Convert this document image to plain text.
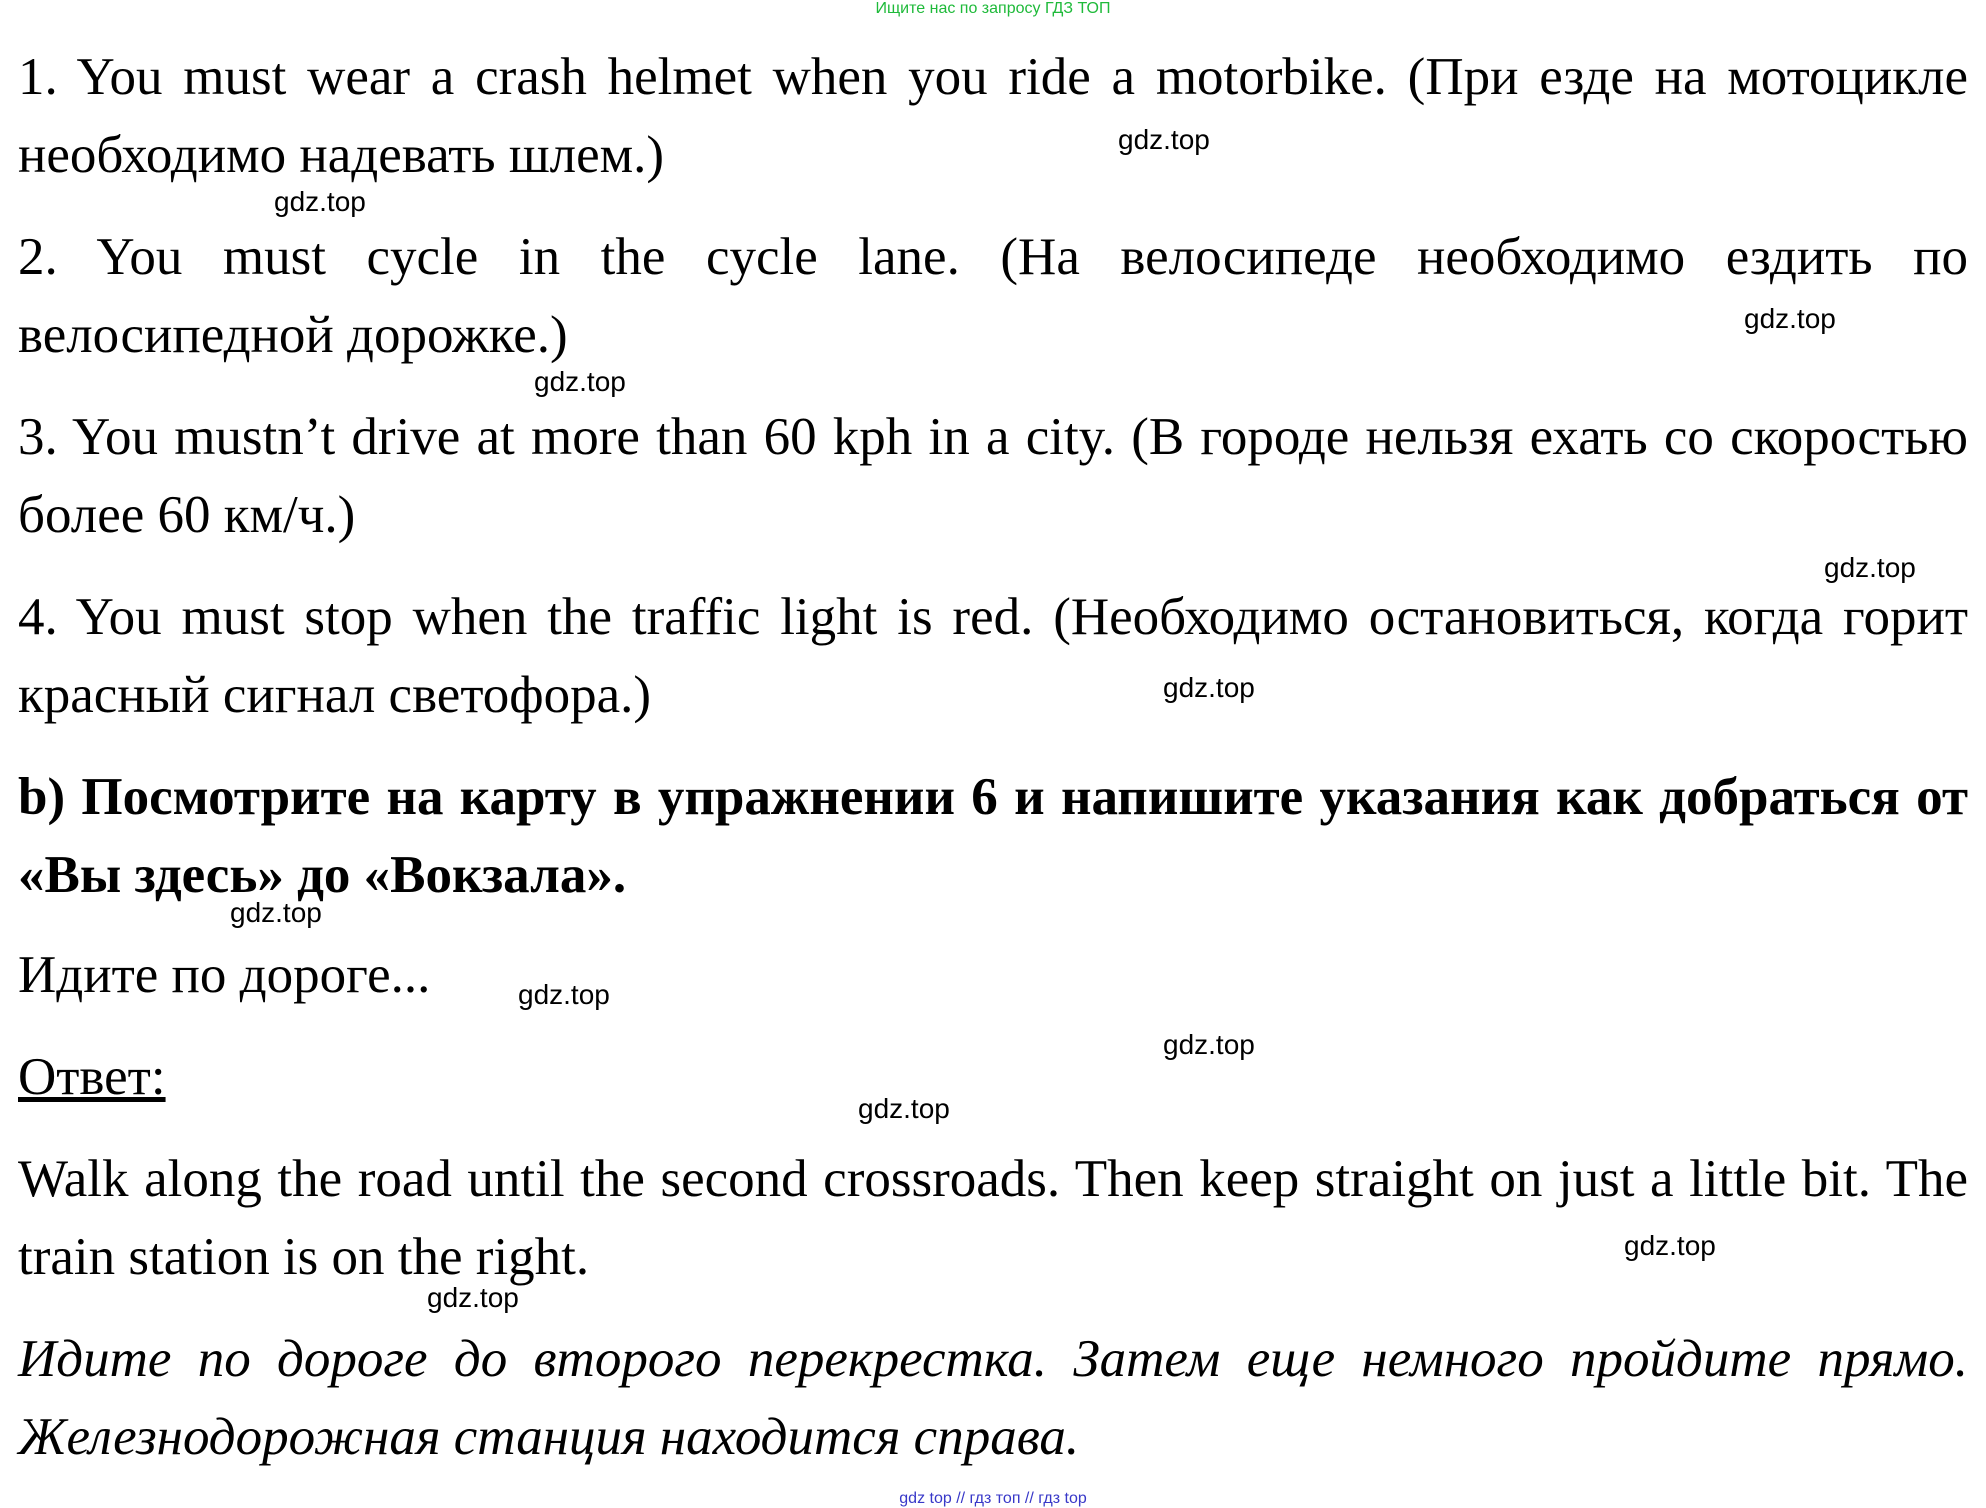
Ищите нас по запросу ГДЗ ТОП
1. You must wear a crash helmet when you ride a motorbike. (При езде на мотоцикле необходимо надевать шлем.)
2. You must cycle in the cycle lane. (На велосипеде необходимо ездить по велосипедной дорожке.)
3. You mustn’t drive at more than 60 kph in a city. (В городе нельзя ехать со скоростью более 60 км/ч.)
4. You must stop when the traffic light is red. (Необходимо остановиться, когда горит красный сигнал светофора.)
b) Посмотрите на карту в упражнении 6 и напишите указания как добраться от «Вы здесь» до «Вокзала».
Идите по дороге...
Ответ:
Walk along the road until the second crossroads. Then keep straight on just a little bit. The train station is on the right.
Идите по дороге до второго перекрестка. Затем еще немного пройдите прямо. Железнодорожная станция находится справа.
gdz.top
gdz.top
gdz.top
gdz.top
gdz.top
gdz.top
gdz.top
gdz.top
gdz.top
gdz.top
gdz.top
gdz.top
gdz top // гдз топ // гдз top
